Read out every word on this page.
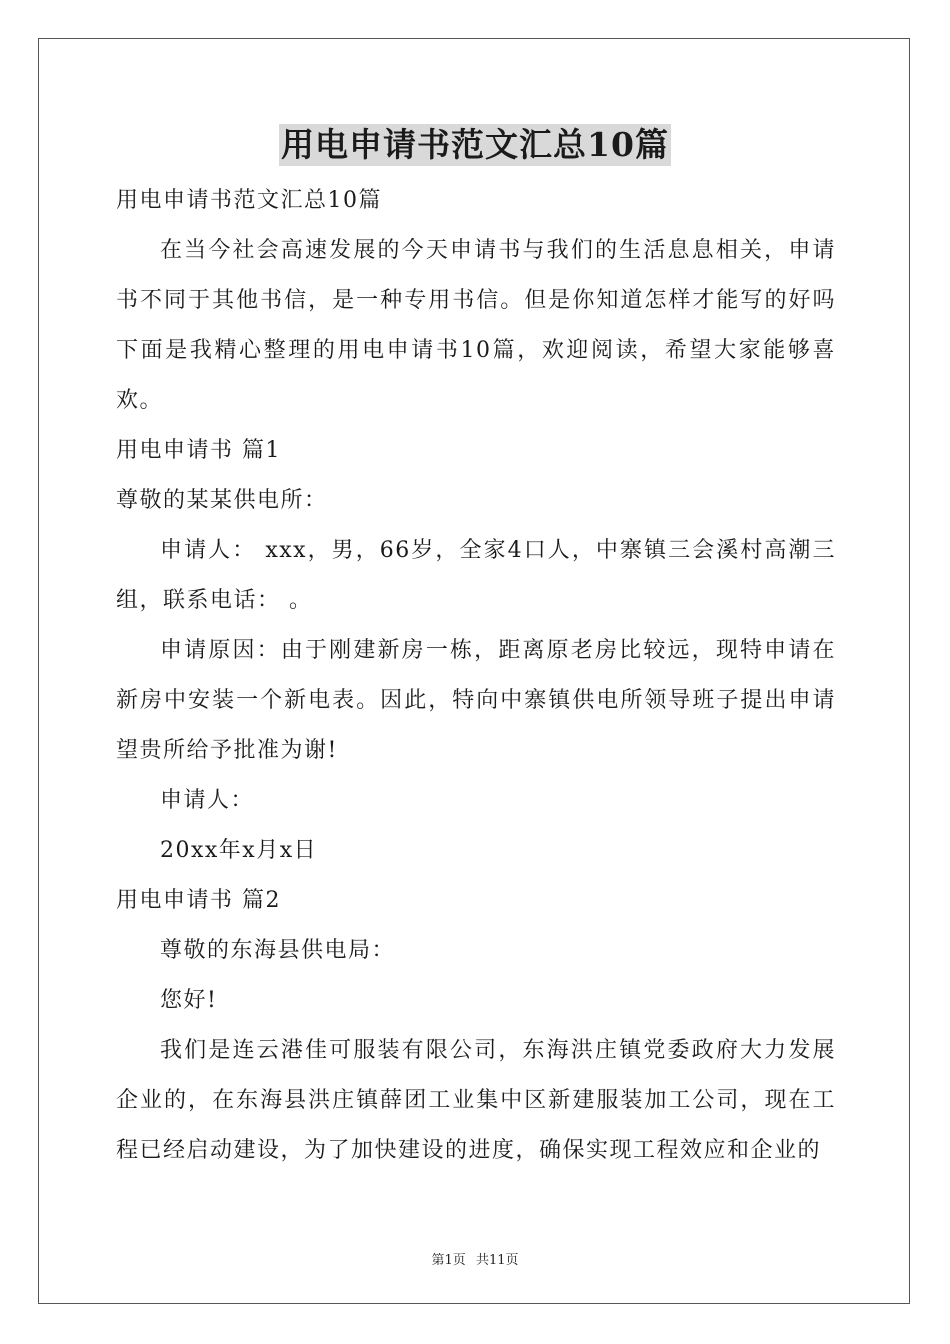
用电申请书范文汇总10篇

用电申请书范文汇总10篇

在当今社会高速发展的今天申请书与我们的生活息息相关，申请书不同于其他书信，是一种专用书信。但是你知道怎样才能写的好吗下面是我精心整理的用电申请书10篇，欢迎阅读，希望大家能够喜欢。

用电申请书 篇1

尊敬的某某供电所：

申请人： xxx，男，66岁，全家4口人，中寨镇三会溪村高潮三组，联系电话： 。

申请原因：由于刚建新房一栋，距离原老房比较远，现特申请在新房中安装一个新电表。因此，特向中寨镇供电所领导班子提出申请望贵所给予批准为谢!

申请人：

20xx年x月x日

用电申请书 篇2

尊敬的东海县供电局：

您好!

我们是连云港佳可服装有限公司，东海洪庄镇党委政府大力发展企业的，在东海县洪庄镇薛团工业集中区新建服装加工公司，现在工程已经启动建设，为了加快建设的进度，确保实现工程效应和企业的

第1页 共11页
